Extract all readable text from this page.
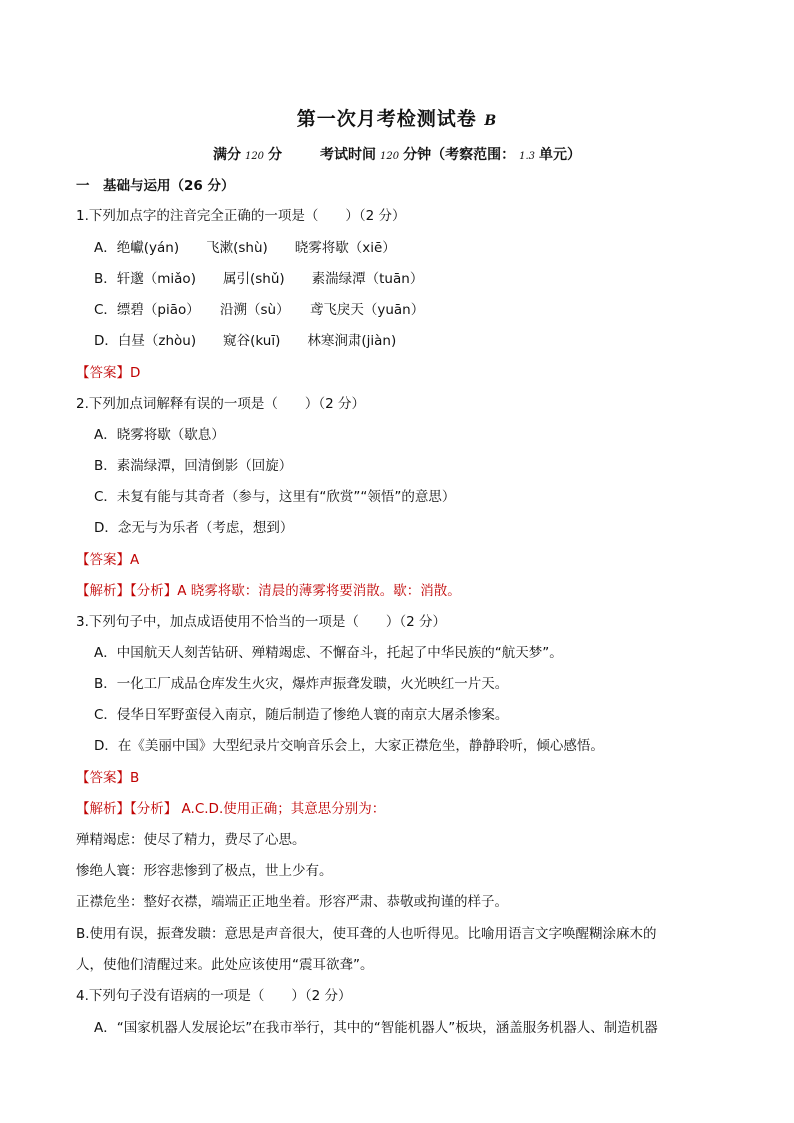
第一次月考检测试卷 B
满分 120 分	考试时间 120 分钟（考察范围： 1.3 单元）
一　基础与运用（26 分）
1.下列加点字的注音完全正确的一项是（　　）（2 分）
A．绝巘(yán)　　飞漱(shù)　　晓雾将歇（xiē）
B．轩邈（miǎo)　　属引(shǔ)　　素湍绿潭（tuān）
C．缥碧（piāo）　　沿溯（sù）　　鸢飞戾天（yuān）
D．白昼（zhòu)　　窥谷(kuī)　　林寒涧肃(jiàn)
【答案】D
2.下列加点词解释有误的一项是（　　）（2 分）
A．晓雾将歇（歇息）
B．素湍绿潭，回清倒影（回旋）
C．未复有能与其奇者（参与，这里有“欣赏”“领悟”的意思）
D．念无与为乐者（考虑，想到）
【答案】A
【解析】【分析】A 晓雾将歇：清晨的薄雾将要消散。歇：消散。
3.下列句子中，加点成语使用不恰当的一项是（　　）（2 分）
A．中国航天人刻苦钻研、殚精竭虑、不懈奋斗，托起了中华民族的“航天梦”。
B．一化工厂成品仓库发生火灾，爆炸声振聋发聩，火光映红一片天。
C．侵华日军野蛮侵入南京，随后制造了惨绝人寰的南京大屠杀惨案。
D．在《美丽中国》大型纪录片交响音乐会上，大家正襟危坐，静静聆听，倾心感悟。
【答案】B
【解析】【分析】 A.C.D.使用正确；其意思分别为：
殚精竭虑：使尽了精力，费尽了心思。
惨绝人寰：形容悲惨到了极点，世上少有。
正襟危坐：整好衣襟，端端正正地坐着。形容严肃、恭敬或拘谨的样子。
B.使用有误，振聋发聩：意思是声音很大，使耳聋的人也听得见。比喻用语言文字唤醒糊涂麻木的
人，使他们清醒过来。此处应该使用“震耳欲聋”。
4.下列句子没有语病的一项是（　　）（2 分）
A．“国家机器人发展论坛”在我市举行，其中的“智能机器人”板块，涵盖服务机器人、制造机器
